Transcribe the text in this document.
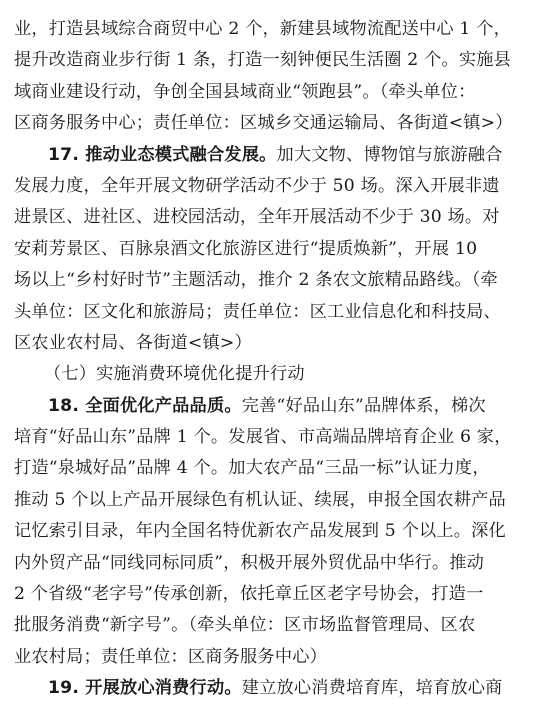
业，打造县域综合商贸中心 2 个，新建县域物流配送中心 1 个，
提升改造商业步行街 1 条，打造一刻钟便民生活圈 2 个。实施县
域商业建设行动，争创全国县域商业“领跑县”。（牵头单位：
区商务服务中心；责任单位：区城乡交通运输局、各街道<镇>）
17. 推动业态模式融合发展。加大文物、博物馆与旅游融合
发展力度，全年开展文物研学活动不少于 50 场。深入开展非遗
进景区、进社区、进校园活动，全年开展活动不少于 30 场。对
安莉芳景区、百脉泉酒文化旅游区进行“提质焕新”，开展 10
场以上“乡村好时节”主题活动，推介 2 条农文旅精品路线。（牵
头单位：区文化和旅游局；责任单位：区工业信息化和科技局、
区农业农村局、各街道<镇>）
（七）实施消费环境优化提升行动
18. 全面优化产品品质。完善“好品山东”品牌体系，梯次
培育“好品山东”品牌 1 个。发展省、市高端品牌培育企业 6 家，
打造“泉城好品”品牌 4 个。加大农产品“三品一标”认证力度，
推动 5 个以上产品开展绿色有机认证、续展，申报全国农耕产品
记忆索引目录，年内全国名特优新农产品发展到 5 个以上。深化
内外贸产品“同线同标同质”，积极开展外贸优品中华行。推动
2 个省级“老字号”传承创新，依托章丘区老字号协会，打造一
批服务消费“新字号”。（牵头单位：区市场监督管理局、区农
业农村局；责任单位：区商务服务中心）
19. 开展放心消费行动。建立放心消费培育库，培育放心商
